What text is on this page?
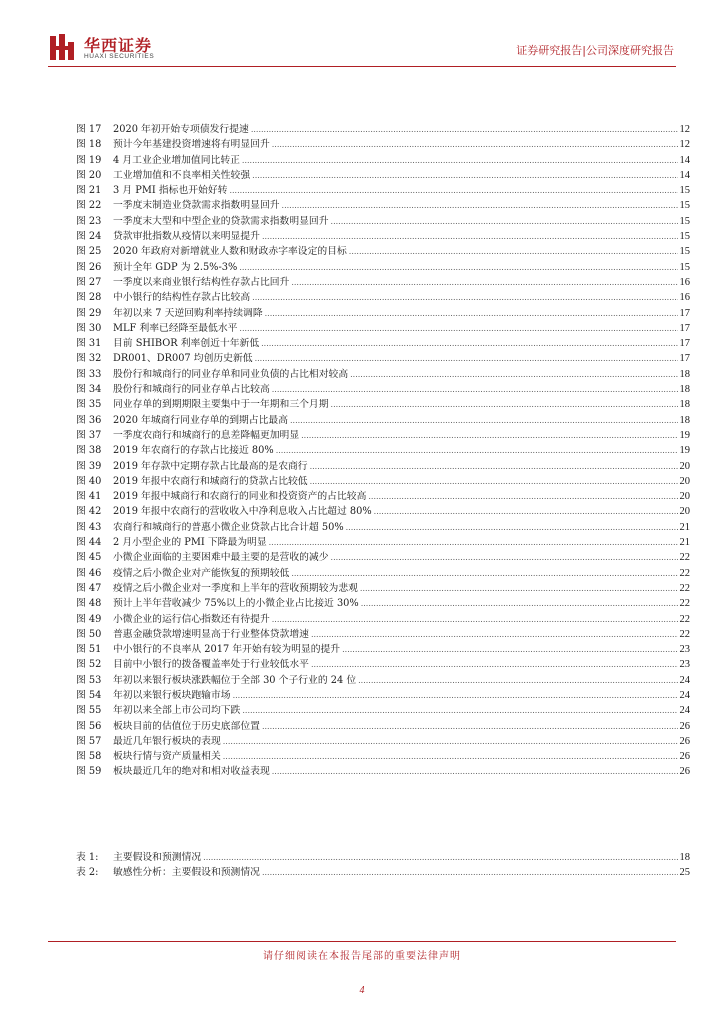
华西证券
HUAXI SECURITIES	证券研究报告|公司深度研究报告
图 17	2020 年初开始专项债发行提速 .....	12
图 18	预计今年基建投资增速将有明显回升 .....	12
图 19	4 月工业企业增加值同比转正 .....	14
图 20	工业增加值和不良率相关性较强 .....	14
图 21	3 月 PMI 指标也开始好转 .....	15
图 22	一季度末制造业贷款需求指数明显回升 .....	15
图 23	一季度末大型和中型企业的贷款需求指数明显回升 .....	15
图 24	贷款审批指数从疫情以来明显提升 .....	15
图 25	2020 年政府对新增就业人数和财政赤字率设定的目标 .....	15
图 26	预计全年 GDP 为 2.5%-3% .....	15
图 27	一季度以来商业银行结构性存款占比回升 .....	16
图 28	中小银行的结构性存款占比较高 .....	16
图 29	年初以来 7 天逆回购利率持续调降 .....	17
图 30	MLF 利率已经降至最低水平 .....	17
图 31	目前 SHIBOR 利率创近十年新低 .....	17
图 32	DR001、DR007 均创历史新低 .....	17
图 33	股份行和城商行的同业存单和同业负债的占比相对较高 .....	18
图 34	股份行和城商行的同业存单占比较高 .....	18
图 35	同业存单的到期期限主要集中于一年期和三个月期 .....	18
图 36	2020 年城商行同业存单的到期占比最高 .....	18
图 37	一季度农商行和城商行的息差降幅更加明显 .....	19
图 38	2019 年农商行的存款占比接近 80% .....	19
图 39	2019 年存款中定期存款占比最高的是农商行 .....	20
图 40	2019 年报中农商行和城商行的贷款占比较低 .....	20
图 41	2019 年报中城商行和农商行的同业和投资资产的占比较高 .....	20
图 42	2019 年报中农商行的营收收入中净利息收入占比超过 80% .....	20
图 43	农商行和城商行的普惠小微企业贷款占比合计超 50% .....	21
图 44	2 月小型企业的 PMI 下降最为明显 .....	21
图 45	小微企业面临的主要困难中最主要的是营收的减少 .....	22
图 46	疫情之后小微企业对产能恢复的预期较低 .....	22
图 47	疫情之后小微企业对一季度和上半年的营收预期较为悲观 .....	22
图 48	预计上半年营收减少 75%以上的小微企业占比接近 30% .....	22
图 49	小微企业的运行信心指数还有待提升 .....	22
图 50	普惠金融贷款增速明显高于行业整体贷款增速 .....	22
图 51	中小银行的不良率从 2017 年开始有较为明显的提升 .....	23
图 52	目前中小银行的拨备覆盖率处于行业较低水平 .....	23
图 53	年初以来银行板块涨跌幅位于全部 30 个子行业的 24 位 .....	24
图 54	年初以来银行板块跑输市场 .....	24
图 55	年初以来全部上市公司均下跌 .....	24
图 56	板块目前的估值位于历史底部位置 .....	26
图 57	最近几年银行板块的表现 .....	26
图 58	板块行情与资产质量相关 .....	26
图 59	板块最近几年的绝对和相对收益表现 .....	26
表 1:	主要假设和预测情况 .....	18
表 2:	敏感性分析：主要假设和预测情况 .....	25
请仔细阅读在本报告尾部的重要法律声明
4
